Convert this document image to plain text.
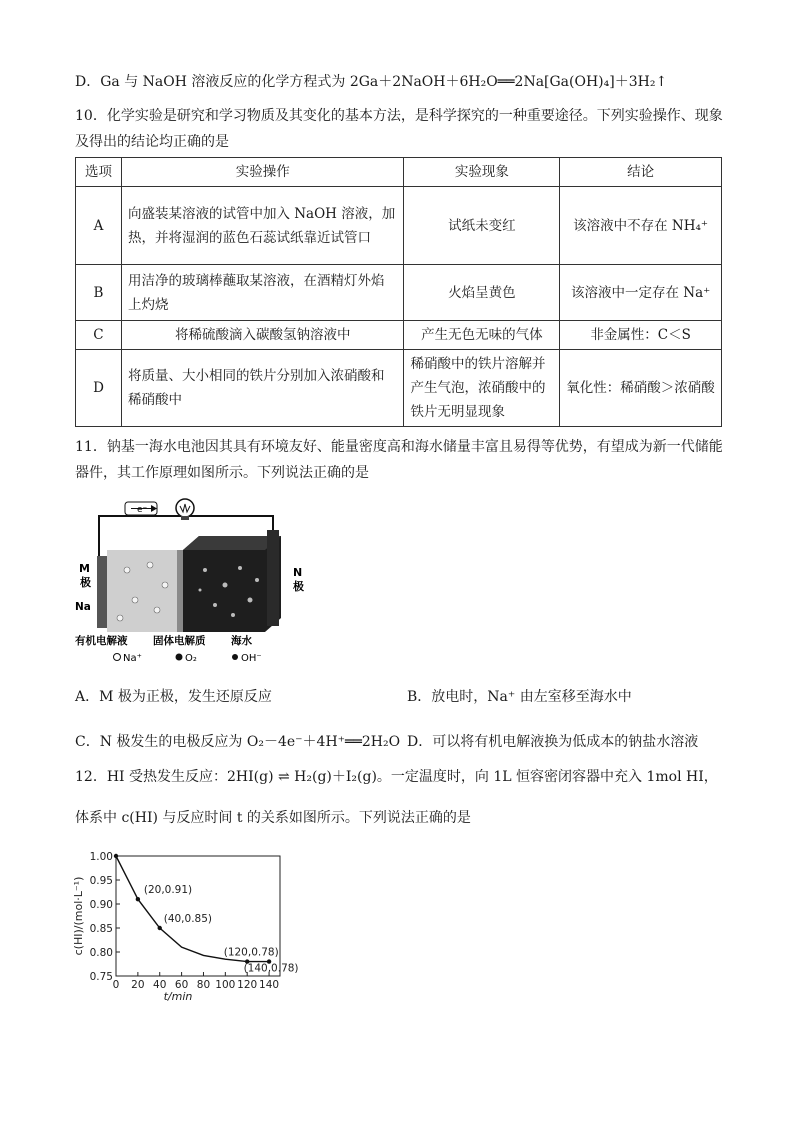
D．Ga 与 NaOH 溶液反应的化学方程式为 2Ga＋2NaOH＋6H₂O══2Na[Ga(OH)₄]＋3H₂↑
10．化学实验是研究和学习物质及其变化的基本方法，是科学探究的一种重要途径。下列实验操作、现象
及得出的结论均正确的是
选项	实验操作	实验现象	结论
A	向盛装某溶液的试管中加入 NaOH 溶液，加热，并将湿润的蓝色石蕊试纸靠近试管口	试纸未变红	该溶液中不存在 NH₄⁺
B	用洁净的玻璃棒蘸取某溶液，在酒精灯外焰上灼烧	火焰呈黄色	该溶液中一定存在 Na⁺
C	将稀硫酸滴入碳酸氢钠溶液中	产生无色无味的气体	非金属性：C＜S
D	将质量、大小相同的铁片分别加入浓硝酸和稀硝酸中	稀硝酸中的铁片溶解并产生气泡，浓硝酸中的铁片无明显现象	氧化性：稀硝酸＞浓硝酸
11．钠基一海水电池因其具有环境友好、能量密度高和海水储量丰富且易得等优势，有望成为新一代储能
器件，其工作原理如图所示。下列说法正确的是
e⁻
M
极
Na
N
极
有机电解液 固体电解质 海水
Na⁺	O₂	OH⁻
A．M 极为正极，发生还原反应	B．放电时，Na⁺ 由左室移至海水中
C．N 极发生的电极反应为 O₂－4e⁻＋4H⁺══2H₂O D．可以将有机电解液换为低成本的钠盐水溶液
12．HI 受热发生反应：2HI(g) ⇌ H₂(g)＋I₂(g)。一定温度时，向 1L 恒容密闭容器中充入 1mol HI，
体系中 c(HI) 与反应时间 t 的关系如图所示。下列说法正确的是
1.00
0.95
0.90
0.85
0.80
0.75
0 20 40 60 80 100 120 140
t/min
c(HI)/(mol·L⁻¹)	(20,0.91)
(40,0.85)
(120,0.78)
(140,0.78)
